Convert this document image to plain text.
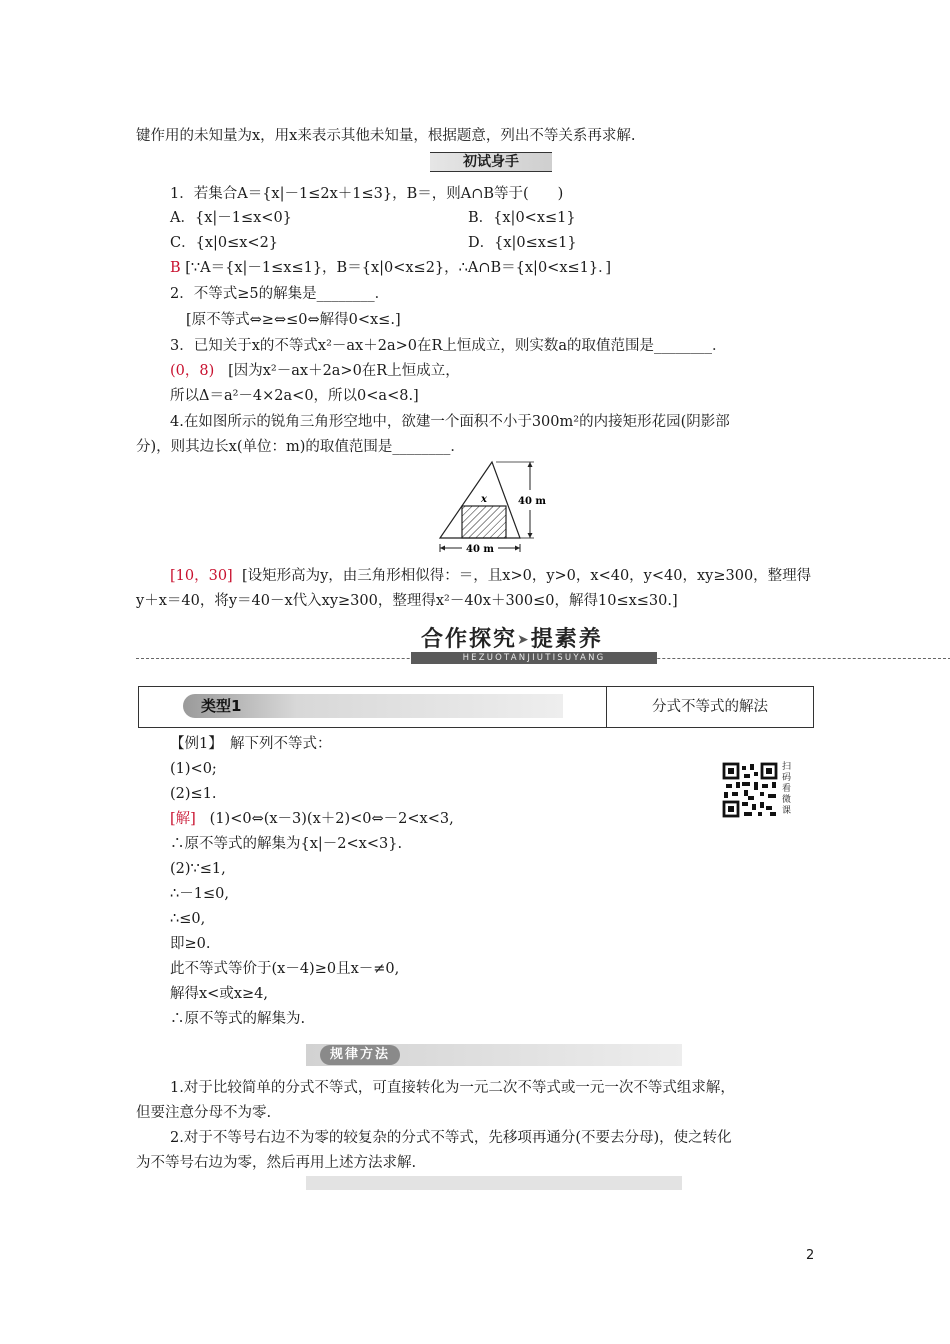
键作用的未知量为x，用x来表示其他未知量，根据题意，列出不等关系再求解.
初试身手
1．若集合A＝{x|－1≤2x＋1≤3}，B＝，则A∩B等于(　　)
A．{x|－1≤x<0}	B．{x|0<x≤1}
C．{x|0≤x<2}	D．{x|0≤x≤1}
B [∵A＝{x|－1≤x≤1}，B＝{x|0<x≤2}，∴A∩B＝{x|0<x≤1}．]
2．不等式≥5的解集是________．
[原不等式⇔≥⇔≤0⇔解得0<x≤.]
3．已知关于x的不等式x²－ax＋2a>0在R上恒成立，则实数a的取值范围是________．
(0，8) [因为x²－ax＋2a>0在R上恒成立，
所以Δ＝a²－4×2a<0，所以0<a<8.]
4.在如图所示的锐角三角形空地中，欲建一个面积不小于300m²的内接矩形花园(阴影部
分)，则其边长x(单位：m)的取值范围是________．
x	40 m
40 m
[10，30] [设矩形高为y，由三角形相似得：＝，且x>0，y>0，x<40，y<40，xy≥300，整理得
y＋x＝40，将y＝40－x代入xy≥300，整理得x²－40x＋300≤0，解得10≤x≤30.]
合作探究➤提素养
HEZUOTANJIUTISUYANG
类型1	分式不等式的解法
【例1】　解下列不等式：
(1)<0;
(2)≤1.
[解] (1)<0⇔(x－3)(x＋2)<0⇔－2<x<3,
∴原不等式的解集为{x|－2<x<3}.
(2)∵≤1,
∴－1≤0,
∴≤0,
即≥0.
此不等式等价于(x－4)≥0且x－≠0,
解得x<或x≥4,
∴原不等式的解集为.
扫码看微课
规律方法
1.对于比较简单的分式不等式，可直接转化为一元二次不等式或一元一次不等式组求解，
但要注意分母不为零.
2.对于不等号右边不为零的较复杂的分式不等式，先移项再通分(不要去分母)，使之转化
为不等号右边为零，然后再用上述方法求解.
2
